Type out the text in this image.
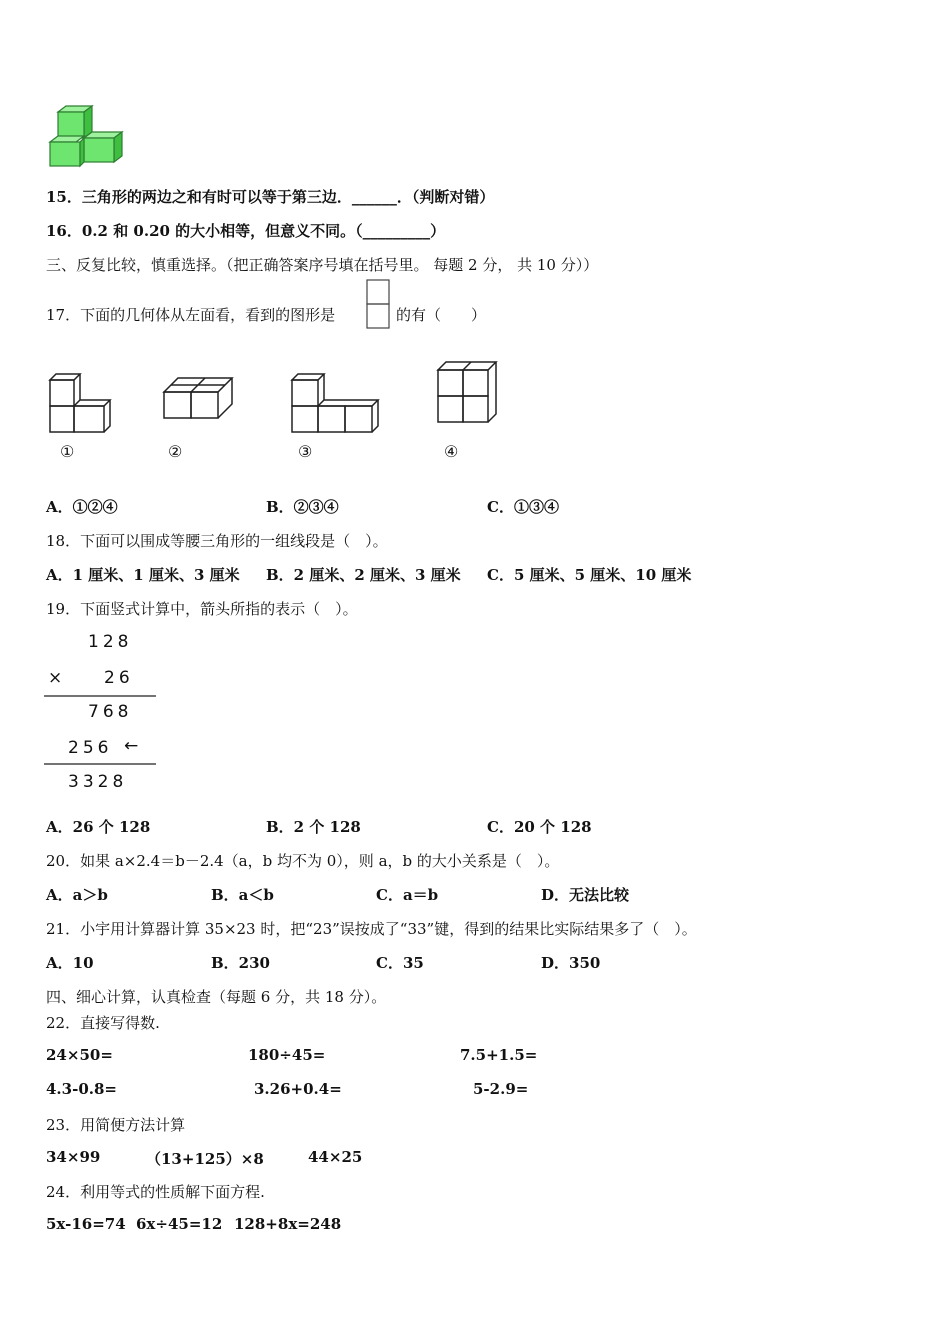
15．三角形的两边之和有时可以等于第三边．______．（判断对错）
16．0.2 和 0.20 的大小相等，但意义不同。（_________）
三、反复比较，慎重选择。（把正确答案序号填在括号里。 每题 2 分， 共 10 分））
17．下面的几何体从左面看，看到的图形是	的有（　　）
①	②	③	④
A．①②④	B．②③④	C．①③④
18．下面可以围成等腰三角形的一组线段是（　）。
A．1 厘米、1 厘米、3 厘米 B．2 厘米、2 厘米、3 厘米 C．5 厘米、5 厘米、10 厘米
19．下面竖式计算中，箭头所指的表示（　）。
128
× 26
768
256 ←
3328
A．26 个 128	B．2 个 128	C．20 个 128
20．如果 a×2.4＝b－2.4（a，b 均不为 0），则 a，b 的大小关系是（　）。
A．a＞b	B．a＜b	C．a＝b	D．无法比较
21．小宇用计算器计算 35×23 时，把“23”误按成了“33”键，得到的结果比实际结果多了（　）。
A．10	B．230	C．35	D．350
四、细心计算，认真检查（每题 6 分，共 18 分）。
22．直接写得数.
24×50=	180÷45=	7.5+1.5=
4.3-0.8=	3.26+0.4=	5-2.9=
23．用简便方法计算
34×99	（13+125）×8	44×25
24．利用等式的性质解下面方程.
5x-16=74 6x÷45=12 128+8x=248
